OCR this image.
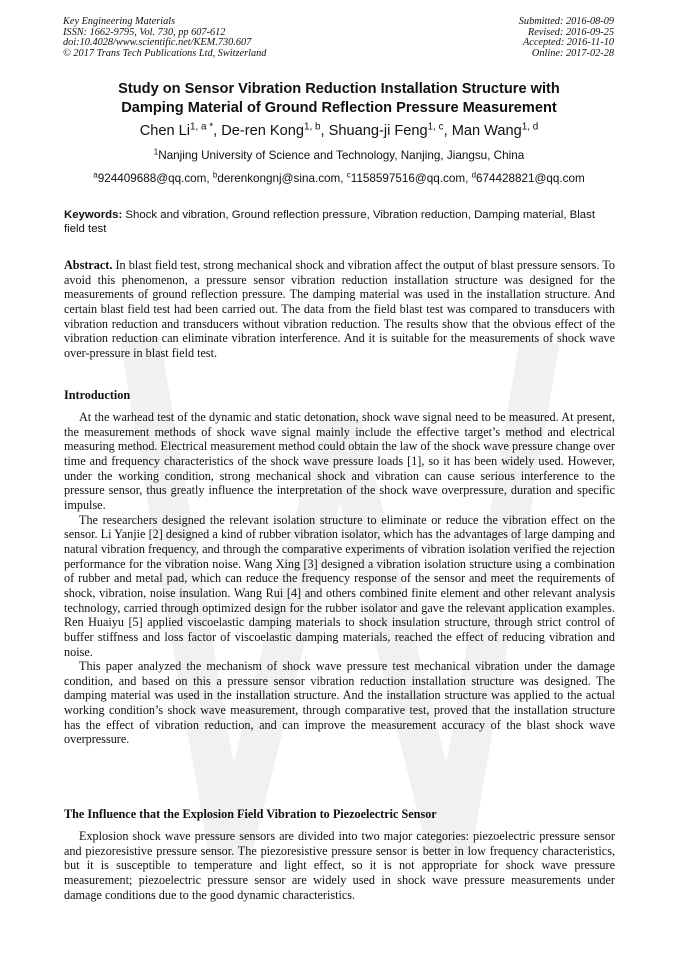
Key Engineering Materials
ISSN: 1662-9795, Vol. 730, pp 607-612
doi:10.4028/www.scientific.net/KEM.730.607
© 2017 Trans Tech Publications Ltd, Switzerland
Submitted: 2016-08-09
Revised: 2016-09-25
Accepted: 2016-11-10
Online: 2017-02-28
Study on Sensor Vibration Reduction Installation Structure with
Damping Material of Ground Reflection Pressure Measurement
Chen $Li^{1, a *}$, De-ren Kong$^{1, b}$, Shuang-ji Feng$^{1, c}$, Man Wang$^{1, d}$
$^1$Nanjing University of Science and Technology, Nanjing, Jiangsu, China
$^a$924409688@qq.com, $^b$derenkongnj@sina.com, $^c$1158597516@qq.com, $^d$674428821@qq.com
Keywords: Shock and vibration, Ground reflection pressure, Vibration reduction, Damping material, Blast field test

Abstract. In blast field test, strong mechanical shock and vibration affect the output of blast pressure sensors. To avoid this phenomenon, a pressure sensor vibration reduction installation structure was designed for the measurements of ground reflection pressure. The damping material was used in the installation structure. And certain blast field test had been carried out. The data from the field blast test was compared to transducers with vibration reduction and transducers without vibration reduction. The results show that the obvious effect of the vibration reduction can eliminate vibration interference. And it is suitable for the measurements of shock wave over-pressure in blast field test.

Introduction

At the warhead test of the dynamic and static detonation, shock wave signal need to be measured. At present, the measurement methods of shock wave signal mainly include the effective target’s method and electrical measuring method. Electrical measurement method could obtain the law of the shock wave pressure change over time and frequency characteristics of the shock wave pressure loads [1], so it has been widely used. However, under the working condition, strong mechanical shock and vibration can cause serious interference to the pressure sensor, thus greatly influence the interpretation of the shock wave overpressure, duration and specific impulse.

The researchers designed the relevant isolation structure to eliminate or reduce the vibration effect on the sensor. Li Yanjie [2] designed a kind of rubber vibration isolator, which has the advantages of large damping and natural vibration frequency, and through the comparative experiments of vibration isolation verified the rejection performance for the vibration noise. Wang Xing [3] designed a vibration isolation structure using a combination of rubber and metal pad, which can reduce the frequency response of the sensor and meet the requirements of shock, vibration, noise insulation. Wang Rui [4] and others combined finite element and other relevant analysis technology, carried through optimized design for the rubber isolator and gave the relevant application examples. Ren Huaiyu [5] applied viscoelastic damping materials to shock insulation structure, through strict control of buffer stiffness and loss factor of viscoelastic damping materials, reached the effect of reducing vibration and noise.

This paper analyzed the mechanism of shock wave pressure test mechanical vibration under the damage condition, and based on this a pressure sensor vibration reduction installation structure was designed. The damping material was used in the installation structure. And the installation structure was applied to the actual working condition’s shock wave measurement, through comparative test, proved that the installation structure has the effect of vibration reduction, and can improve the measurement accuracy of the blast shock wave overpressure.

The Influence that the Explosion Field Vibration to Piezoelectric Sensor

Explosion shock wave pressure sensors are divided into two major categories: piezoelectric pressure sensor and piezoresistive pressure sensor. The piezoresistive pressure sensor is better in low frequency characteristics, but it is susceptible to temperature and light effect, so it is not appropriate for shock wave pressure measurement; piezoelectric pressure sensor are widely used in shock wave pressure measurements under damage conditions due to the good dynamic characteristics.
